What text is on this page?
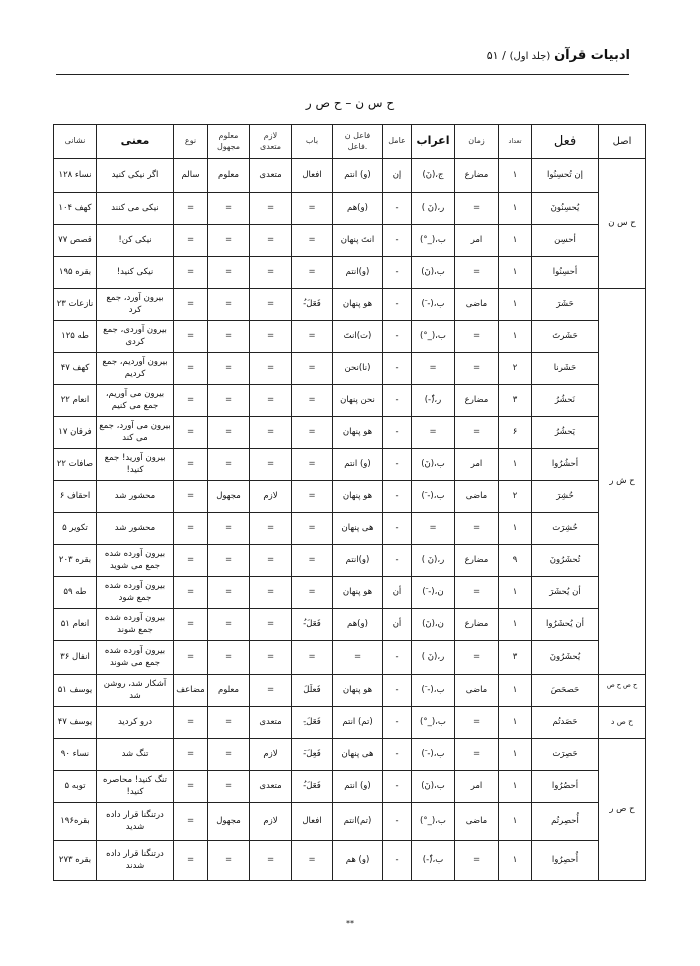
ادبیات قرآن (جلد اول) / ۵۱
ح س ن – ح ص ر
اصل	فعل	تعداد	زمان	اعراب	عامل	فاعل ن .فاعل	باب	لازم متعدی	معلوم مجهول	نوع	معنی	نشانی
ح س ن	إن تُحسِنُوا	۱	مضارع	ج،(نَ)	إن	(و) انتم	افعال	متعدی	معلوم	سالم	اگر نیکی کنید	نساء ۱۲۸
	یُحسِنُونَ	۱	=	ر،(نَ )	-	(و)هم	=	=	=	=	نیکی می کنند	کهف ۱۰۴
	أحسِن	۱	امر	ب،(_°)	-	انتَ پنهان	=	=	=	=	نیکی کن!	قصص ۷۷
	أحسِنُوا	۱	=	ب،(نَ)	-	(و)انتم	=	=	=	=	نیکی کنید!	بقره ۱۹۵
ح ش ر	حَشَرَ	۱	ماضی	ب،(- َ)	-	هو پنهان	فَعَلَ-ُ	=	=	=	بیرون آورد، جمع کرد	نازعات ۲۳
	حَشَرتَ	۱	=	ب،(_°)	-	(ت)انتَ	=	=	=	=	بیرون آوردی، جمع کردی	طه ۱۲۵
	حَشَرنا	۲	=	=	-	(نا)نحن	=	=	=	=	بیرون آوردیم، جمع کردیم	کهف ۴۷
	نَحشُرُ	۳	مضارع	ر،(ُ-)	-	نحن پنهان	=	=	=	=	بیرون می آوریم، جمع می کنیم	انعام ۲۲
	یَحشُرُ	۶	=	=	-	هو پنهان	=	=	=	=	بیرون می آورد، جمع می کند	فرقان ۱۷
	أحشُرُوا	۱	امر	ب،(نَ)	-	(و) انتم	=	=	=	=	بیرون آورید! جمع کنید!	صافات ۲۲
	حُشِرَ	۲	ماضی	ب،(- َ)	-	هو پنهان	=	لازم	مجهول	=	محشور شد	احقاف ۶
	حُشِرَت	۱	=	=	-	هی پنهان	=	=	=	=	محشور شد	تکویر ۵
	تُحشَرُونَ	۹	مضارع	ر،(نَ )	-	(و)انتم	=	=	=	=	بیرون آورده شده جمع می شوید	بقره ۲۰۳
	أن یُحشَرَ	۱	=	ن،(- َ)	أن	هو پنهان	=	=	=	=	بیرون آورده شده جمع شود	طه ۵۹
	أن یُحشَرُوا	۱	مضارع	ن،(نَ)	أن	(و)هم	فَعَلَ-ُ	=	=	=	بیرون آورده شده جمع شوند	انعام ۵۱
	یُحشَرُونَ	۳	=	ر،(نَ )	-	=	=	=	=	=	بیرون آورده شده جمع می شوند	انفال ۳۶
ح ص ح ص	حَصحَصَ	۱	ماضی	ب،(- َ)	-	هو پنهان	فَعلَلَ	=	معلوم	مضاعف	آشکار شد، روشن شد	یوسف ۵۱
ح ص د	حَصَدتُم	۱	=	ب،(_°)	-	(تم) انتم	فَعَلَ-ِ	متعدی	=	=	درو کردید	یوسف ۴۷
ح ص ر	حَصِرَت	۱	=	ب،(- َ)	-	هی پنهان	فَعِلَ-َ	لازم	=	=	تنگ شد	نساء ۹۰
	أحصُرُوا	۱	امر	ب،(نَ)	-	(و) انتم	فَعَلَ-ُ	متعدی	=	=	تنگ کنید! محاصره کنید!	توبه ۵
	أُحصِرتُم	۱	ماضی	ب،(_°)	-	(تم)انتم	افعال	لازم	مجهول	=	درتنگنا قرار داده شدید	بقره۱۹۶
	أُحصِرُوا	۱	=	ب،(ُ-)	-	(و) هم	=	=	=	=	درتنگنا قرار داده شدند	بقره ۲۷۳
**
